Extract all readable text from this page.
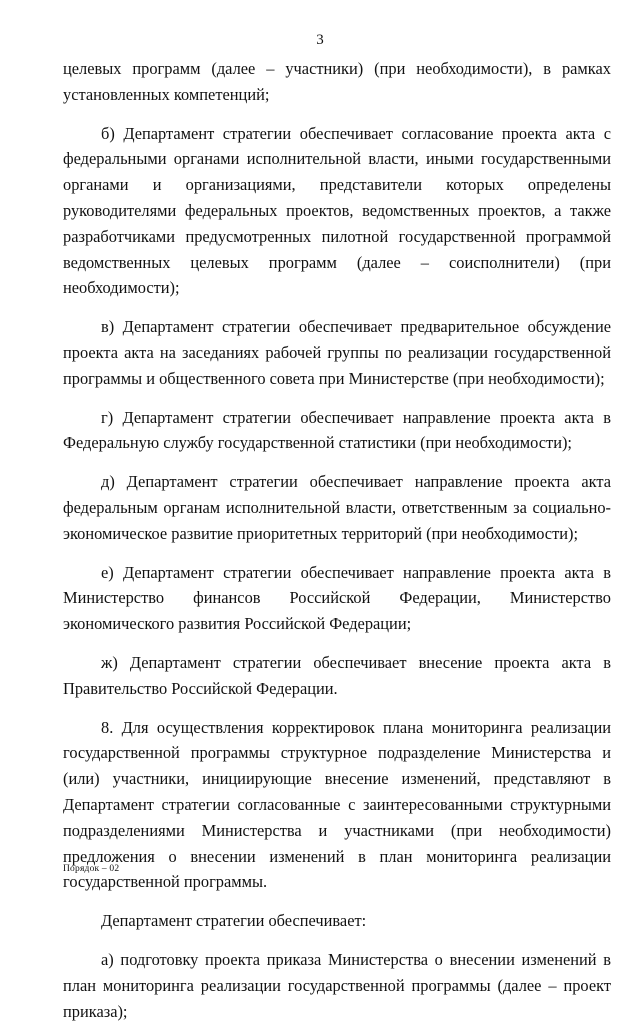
3

целевых программ (далее – участники) (при необходимости), в рамках установленных компетенций;

б) Департамент стратегии обеспечивает согласование проекта акта с федеральными органами исполнительной власти, иными государственными органами и организациями, представители которых определены руководителями федеральных проектов, ведомственных проектов, а также разработчиками предусмотренных пилотной государственной программой ведомственных целевых программ (далее – соисполнители) (при необходимости);

в) Департамент стратегии обеспечивает предварительное обсуждение проекта акта на заседаниях рабочей группы по реализации государственной программы и общественного совета при Министерстве (при необходимости);

г) Департамент стратегии обеспечивает направление проекта акта в Федеральную службу государственной статистики (при необходимости);

д) Департамент стратегии обеспечивает направление проекта акта федеральным органам исполнительной власти, ответственным за социально-экономическое развитие приоритетных территорий (при необходимости);

е) Департамент стратегии обеспечивает направление проекта акта в Министерство финансов Российской Федерации, Министерство экономического развития Российской Федерации;

ж) Департамент стратегии обеспечивает внесение проекта акта в Правительство Российской Федерации.

8. Для осуществления корректировок плана мониторинга реализации государственной программы структурное подразделение Министерства и (или) участники, инициирующие внесение изменений, представляют в Департамент стратегии согласованные с заинтересованными структурными подразделениями Министерства и участниками (при необходимости) предложения о внесении изменений в план мониторинга реализации государственной программы.

Департамент стратегии обеспечивает:

а) подготовку проекта приказа Министерства о внесении изменений в план мониторинга реализации государственной программы (далее – проект приказа);

Порядок – 02
